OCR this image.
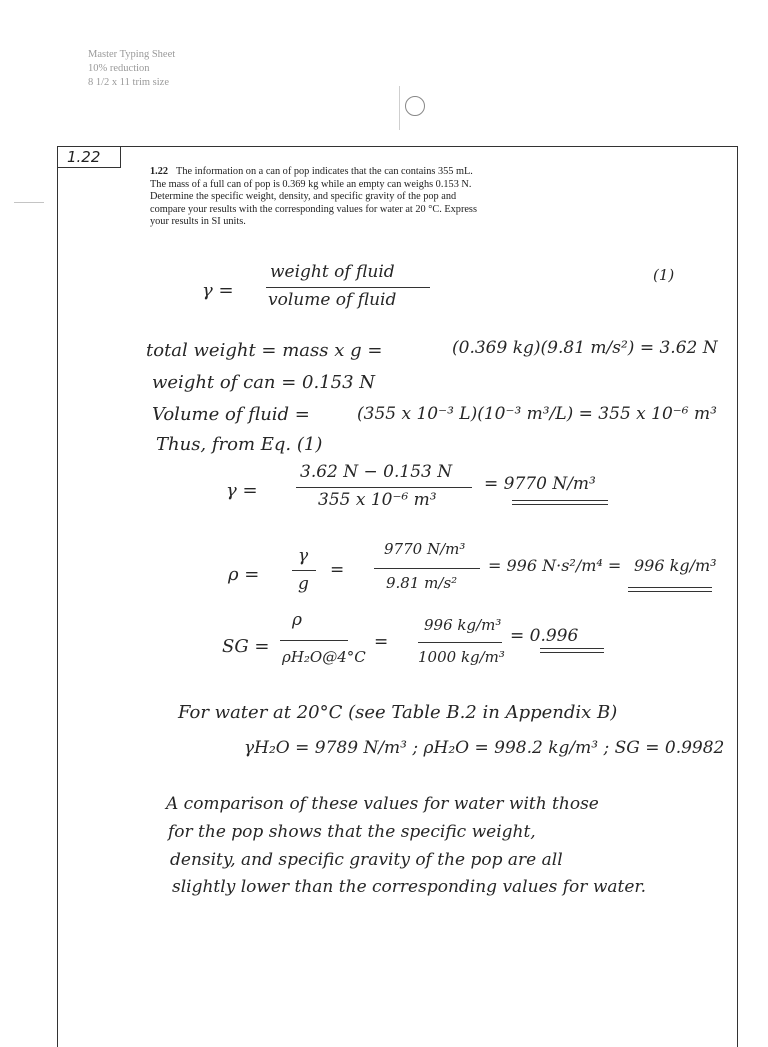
Master Typing Sheet
10% reduction
8 1/2 x 11 trim size
1.22
1.22 The information on a can of pop indicates that the can contains 355 mL. The mass of a full can of pop is 0.369 kg while an empty can weighs 0.153 N. Determine the specific weight, density, and specific gravity of the pop and compare your results with the corresponding values for water at 20 °C. Express your results in SI units.
γ =
weight of fluid
volume of fluid
(1)
total weight = mass x g =	(0.369 kg)(9.81 m/s²) = 3.62 N
weight of can = 0.153 N
Volume of fluid =	(355 x 10⁻³ L)(10⁻³ m³/L) = 355 x 10⁻⁶ m³
Thus, from Eq. (1)
γ =
3.62 N − 0.153 N
355 x 10⁻⁶ m³
= 9770 N/m³
ρ =
γ
g
=
9770 N/m³
9.81 m/s²
= 996 N·s²/m⁴ = 996 kg/m³
SG =
ρ
ρH₂O@4°C
=
996 kg/m³
1000 kg/m³
= 0.996
For water at 20°C (see Table B.2 in Appendix B)
γH₂O = 9789 N/m³ ; ρH₂O = 998.2 kg/m³ ; SG = 0.9982
A comparison of these values for water with those
for the pop shows that the specific weight,
density, and specific gravity of the pop are all
slightly lower than the corresponding values for water.
